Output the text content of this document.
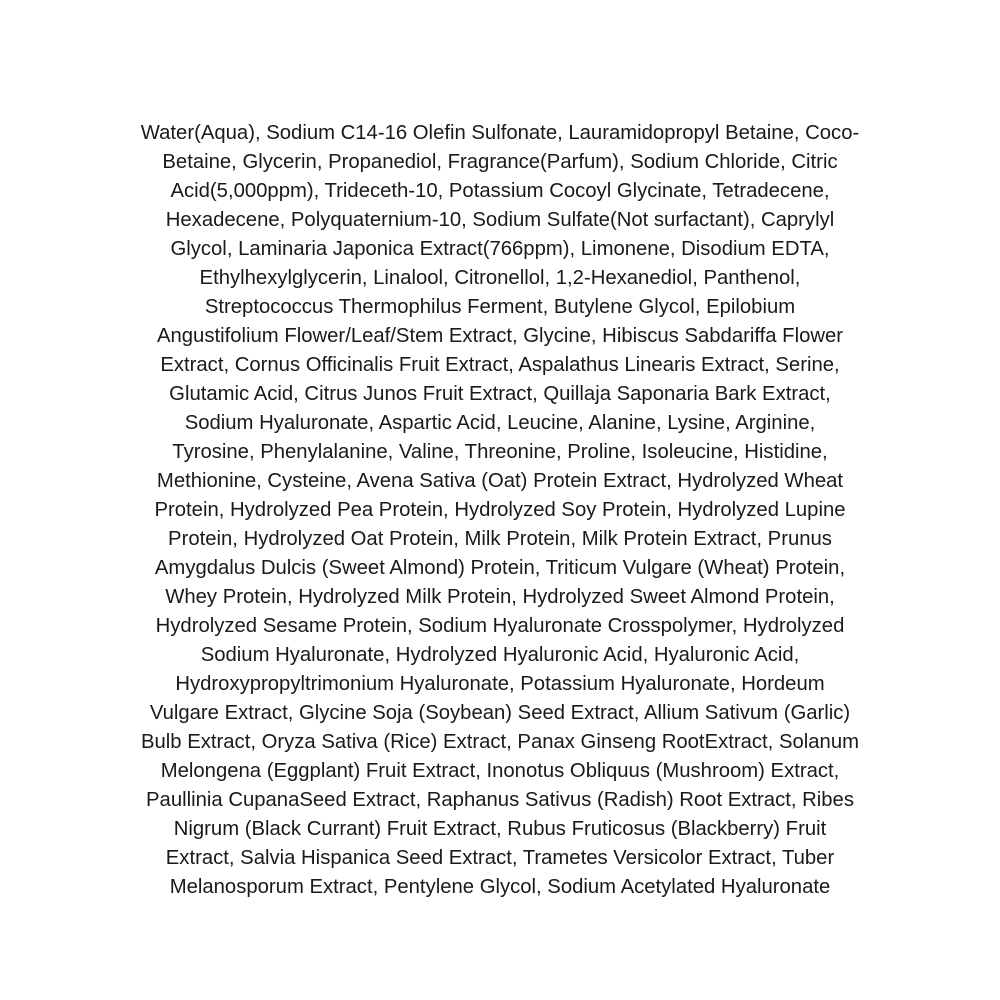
Water(Aqua), Sodium C14-16 Olefin Sulfonate, Lauramidopropyl Betaine, Coco-
Betaine, Glycerin, Propanediol, Fragrance(Parfum), Sodium Chloride, Citric
Acid(5,000ppm), Trideceth-10, Potassium Cocoyl Glycinate, Tetradecene,
Hexadecene, Polyquaternium-10, Sodium Sulfate(Not surfactant), Caprylyl
Glycol, Laminaria Japonica Extract(766ppm), Limonene, Disodium EDTA,
Ethylhexylglycerin, Linalool, Citronellol, 1,2-Hexanediol, Panthenol,
Streptococcus Thermophilus Ferment, Butylene Glycol, Epilobium
Angustifolium Flower/Leaf/Stem Extract, Glycine, Hibiscus Sabdariffa Flower
Extract, Cornus Officinalis Fruit Extract, Aspalathus Linearis Extract, Serine,
Glutamic Acid, Citrus Junos Fruit Extract, Quillaja Saponaria Bark Extract,
Sodium Hyaluronate, Aspartic Acid, Leucine, Alanine, Lysine, Arginine,
Tyrosine, Phenylalanine, Valine, Threonine, Proline, Isoleucine, Histidine,
Methionine, Cysteine, Avena Sativa (Oat) Protein Extract, Hydrolyzed Wheat
Protein, Hydrolyzed Pea Protein, Hydrolyzed Soy Protein, Hydrolyzed Lupine
Protein, Hydrolyzed Oat Protein, Milk Protein, Milk Protein Extract, Prunus
Amygdalus Dulcis (Sweet Almond) Protein, Triticum Vulgare (Wheat) Protein,
Whey Protein, Hydrolyzed Milk Protein, Hydrolyzed Sweet Almond Protein,
Hydrolyzed Sesame Protein, Sodium Hyaluronate Crosspolymer, Hydrolyzed
Sodium Hyaluronate, Hydrolyzed Hyaluronic Acid, Hyaluronic Acid,
Hydroxypropyltrimonium Hyaluronate, Potassium Hyaluronate, Hordeum
Vulgare Extract, Glycine Soja (Soybean) Seed Extract, Allium Sativum (Garlic)
Bulb Extract, Oryza Sativa (Rice) Extract, Panax Ginseng RootExtract, Solanum
Melongena (Eggplant) Fruit Extract, Inonotus Obliquus (Mushroom) Extract,
Paullinia CupanaSeed Extract, Raphanus Sativus (Radish) Root Extract, Ribes
Nigrum (Black Currant) Fruit Extract, Rubus Fruticosus (Blackberry) Fruit
Extract, Salvia Hispanica Seed Extract, Trametes Versicolor Extract, Tuber
Melanosporum Extract, Pentylene Glycol, Sodium Acetylated Hyaluronate
